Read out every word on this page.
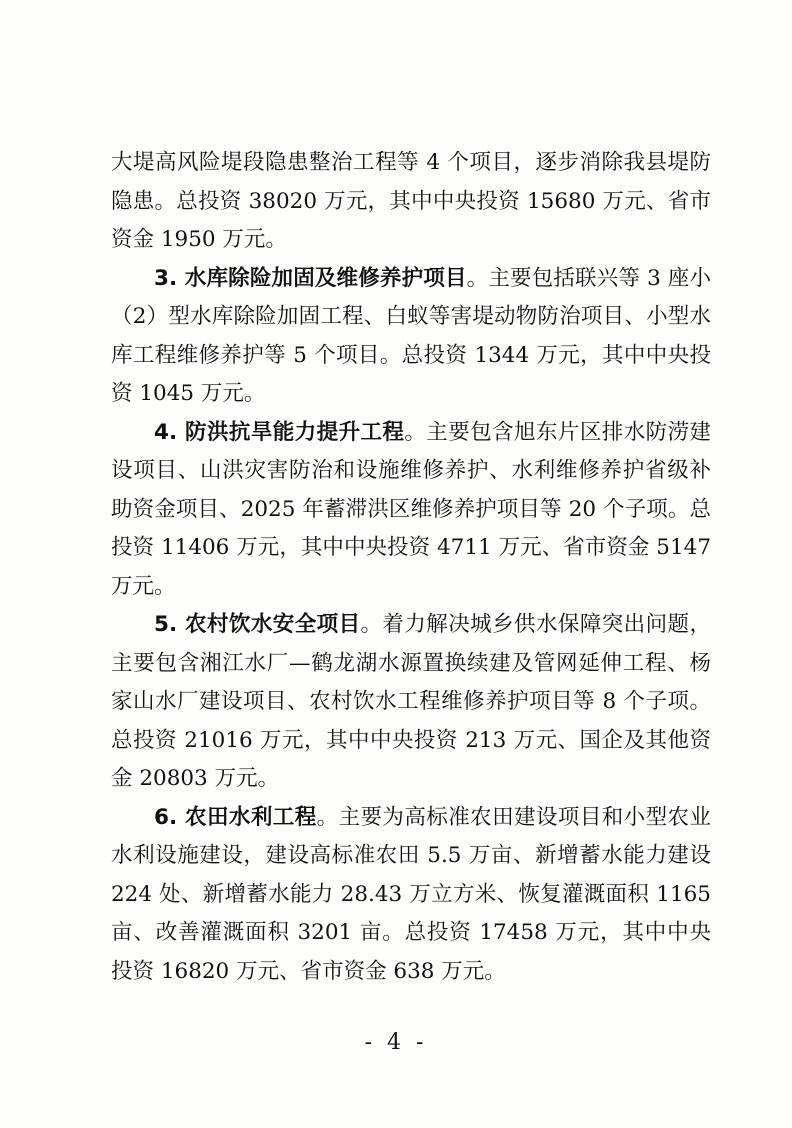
大堤高风险堤段隐患整治工程等 4 个项目，逐步消除我县堤防隐患。总投资 38020 万元，其中中央投资 15680 万元、省市资金 1950 万元。

3. 水库除险加固及维修养护项目。主要包括联兴等 3 座小（2）型水库除险加固工程、白蚁等害堤动物防治项目、小型水库工程维修养护等 5 个项目。总投资 1344 万元，其中中央投资 1045 万元。

4. 防洪抗旱能力提升工程。主要包含旭东片区排水防涝建设项目、山洪灾害防治和设施维修养护、水利维修养护省级补助资金项目、2025 年蓄滞洪区维修养护项目等 20 个子项。总投资 11406 万元，其中中央投资 4711 万元、省市资金 5147 万元。

5. 农村饮水安全项目。着力解决城乡供水保障突出问题，主要包含湘江水厂—鹤龙湖水源置换续建及管网延伸工程、杨家山水厂建设项目、农村饮水工程维修养护项目等 8 个子项。总投资 21016 万元，其中中央投资 213 万元、国企及其他资金 20803 万元。

6. 农田水利工程。主要为高标准农田建设项目和小型农业水利设施建设，建设高标准农田 5.5 万亩、新增蓄水能力建设 224 处、新增蓄水能力 28.43 万立方米、恢复灌溉面积 1165 亩、改善灌溉面积 3201 亩。总投资 17458 万元，其中中央投资 16820 万元、省市资金 638 万元。

- 4 -
